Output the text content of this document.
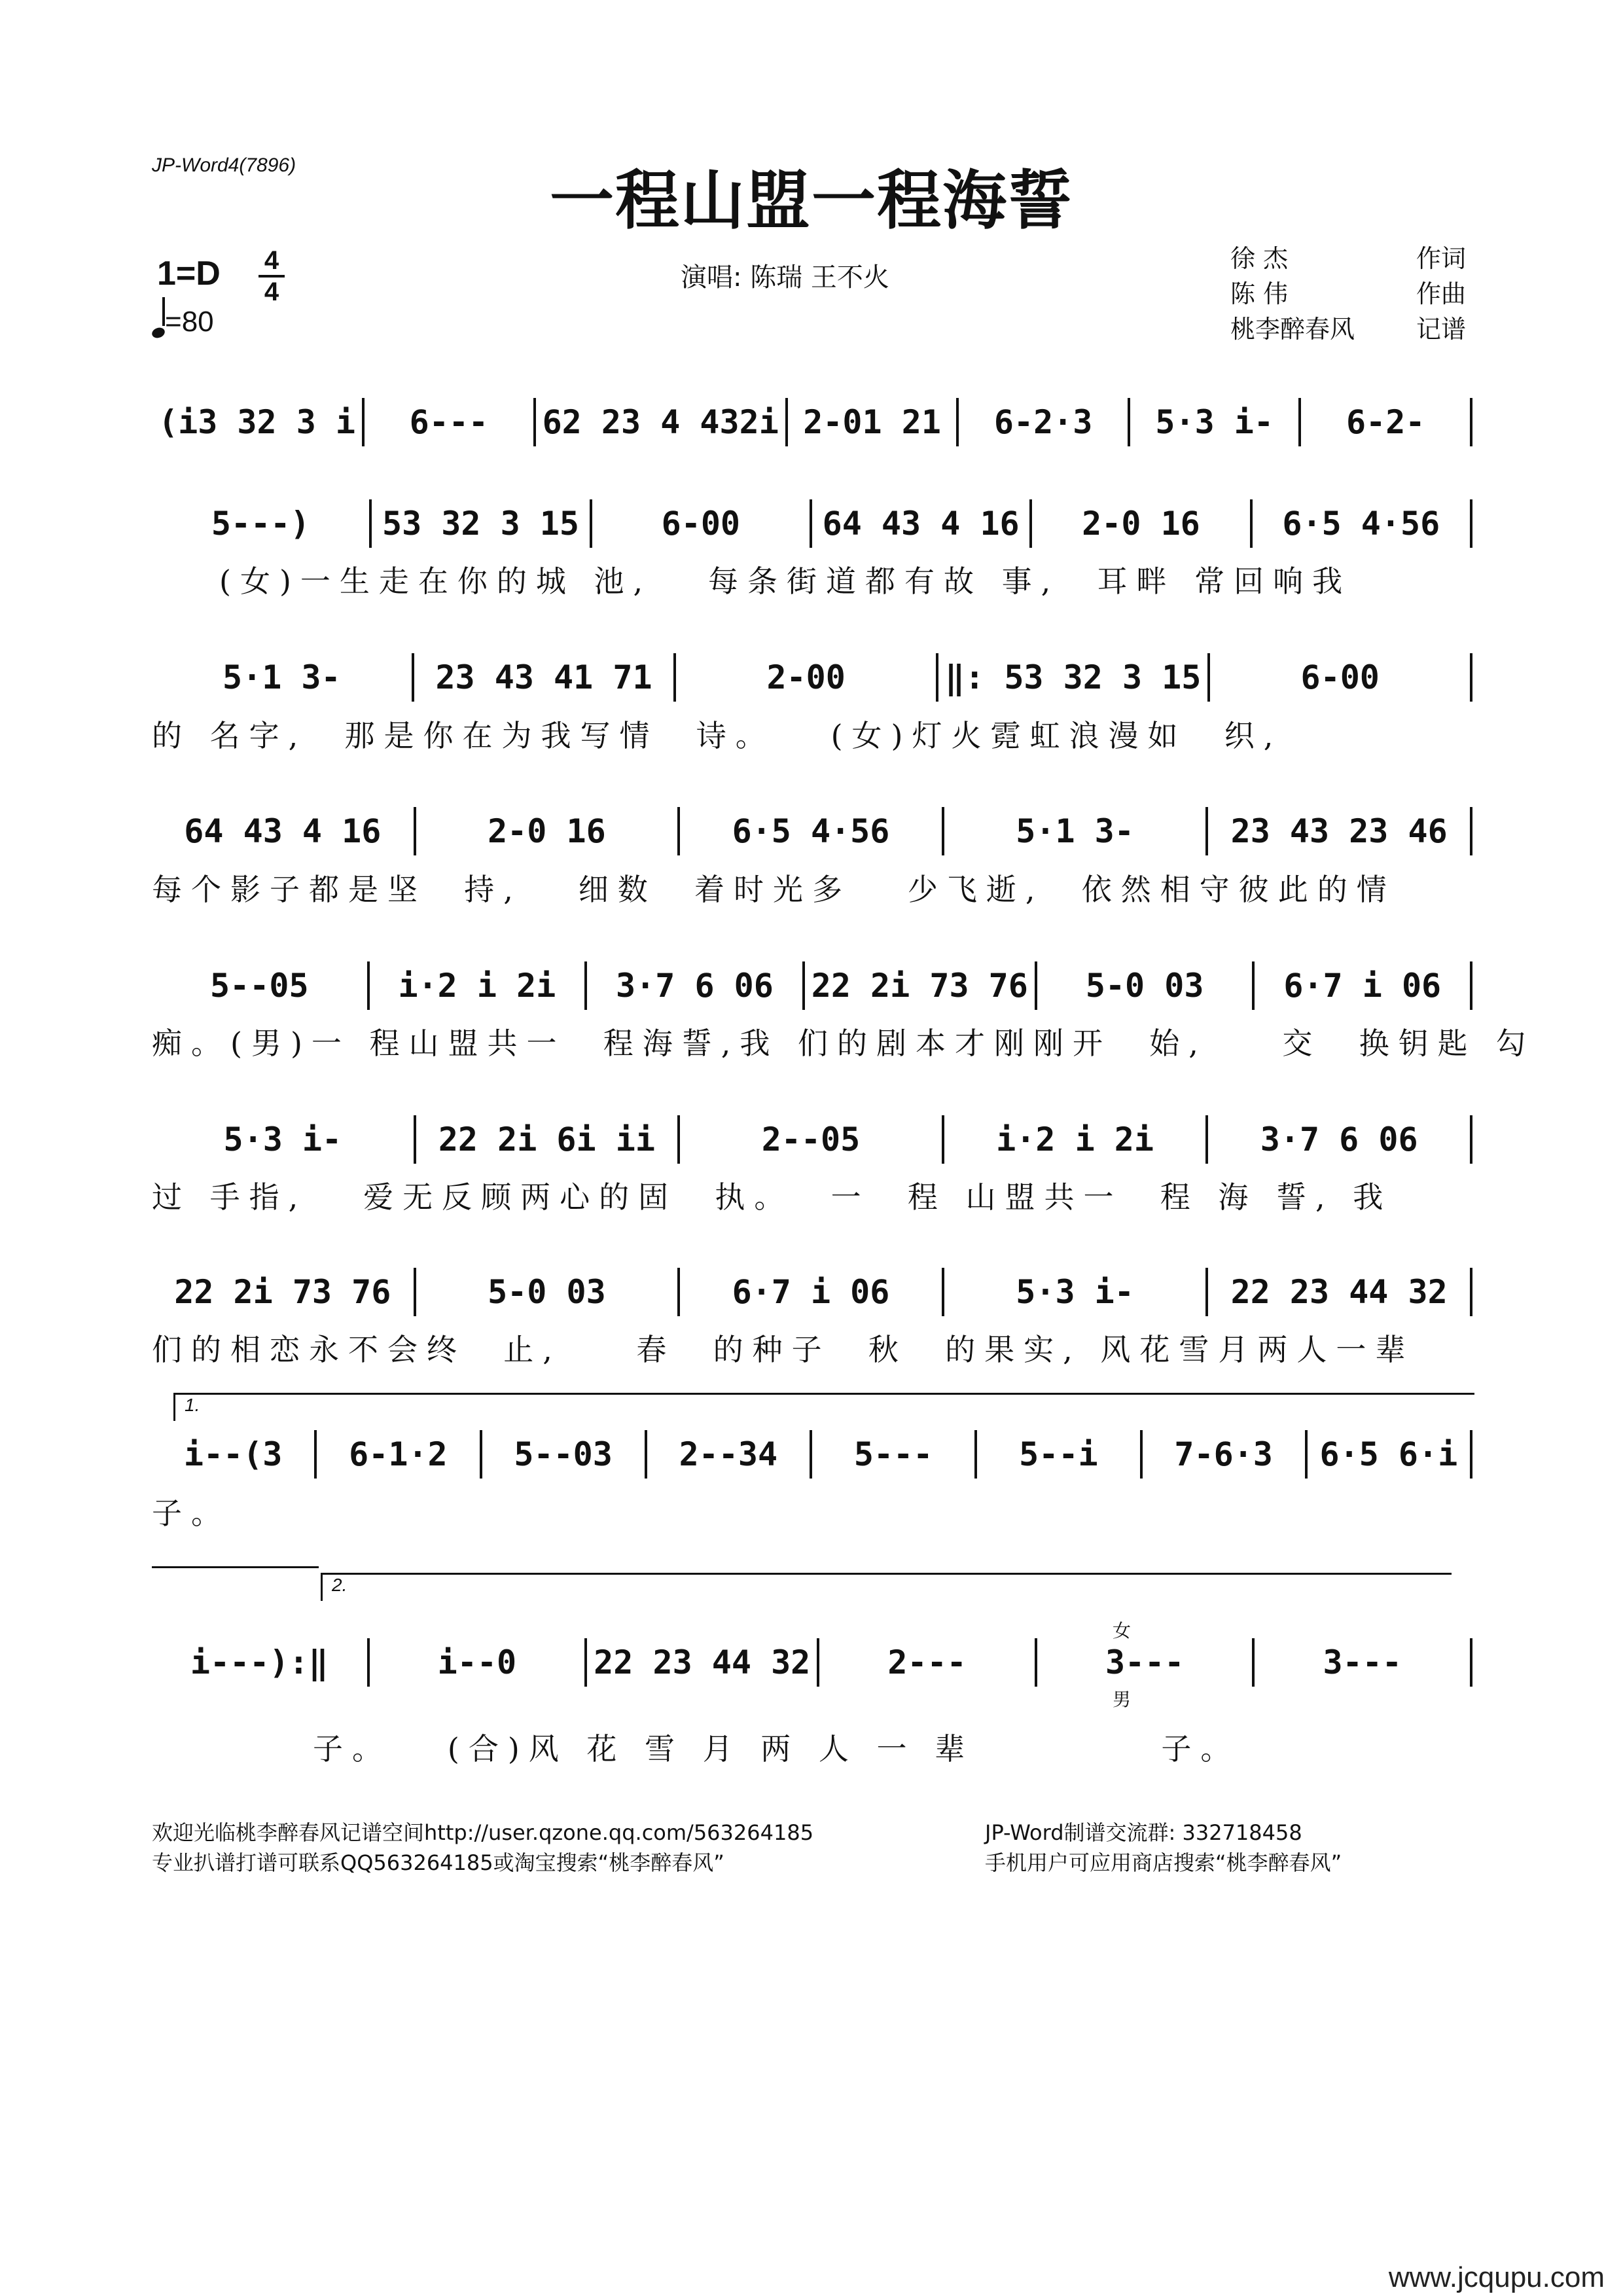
JP-Word4(7896)	一程山盟一程海誓
1=D 4
4
=80
演唱: 陈瑞 王不火
徐 杰	作词
陈 伟	作曲
桃李醉春风 记谱
(i3 32 3 i 6--- 62 23 4 432i 2-01 21 6-2·3 5·3 i- 6-2-
5---) 53 32 3 15	6-00	64 43 4 16 2-0 16	6·5 4·56
(女)一生走在你的城 池,   每条街道都有故 事,  耳畔 常回响我
5·1 3-	23 43 41 71	2-00	‖: 53 32 3 15	6-00
的 名字,  那是你在为我写情  诗。   (女)灯火霓虹浪漫如  织,
64 43 4 16	2-0 16	6·5 4·56	5·1 3-	23 43 23 46
每个影子都是坚  持,   细数  着时光多   少飞逝,  依然相守彼此的情
5--05	i·2 i 2i 3·7 6 06 22 2i 73 76 5-0 03 6·7 i 06
痴。(男)一 程山盟共一  程海誓,我 们的剧本才刚刚开  始,    交  换钥匙 勾
5·3 i-	22 2i 6i ii	2--05	i·2 i 2i	3·7 6 06
过 手指,   爱无反顾两心的固  执。  一  程 山盟共一  程 海 誓, 我
22 2i 73 76	5-0 03	6·7 i 06	5·3 i-	22 23 44 32
们的相恋永不会终  止,    春  的种子  秋  的果实, 风花雪月两人一辈
1.
i--(3 6-1·2 5--03 2--34 5---	5--i 7-6·3 6·5 6·i
子。
2.
i---):‖	i--0 22 23 44 32 2---	3---	3---
女
男
子。   (合)风 花 雪 月 两 人 一 辈          子。
欢迎光临桃李醉春风记谱空间http://user.qzone.qq.com/563264185	JP-Word制谱交流群: 332718458
专业扒谱打谱可联系QQ563264185或淘宝搜索“桃李醉春风”	手机用户可应用商店搜索“桃李醉春风”
www.jcqupu.com
